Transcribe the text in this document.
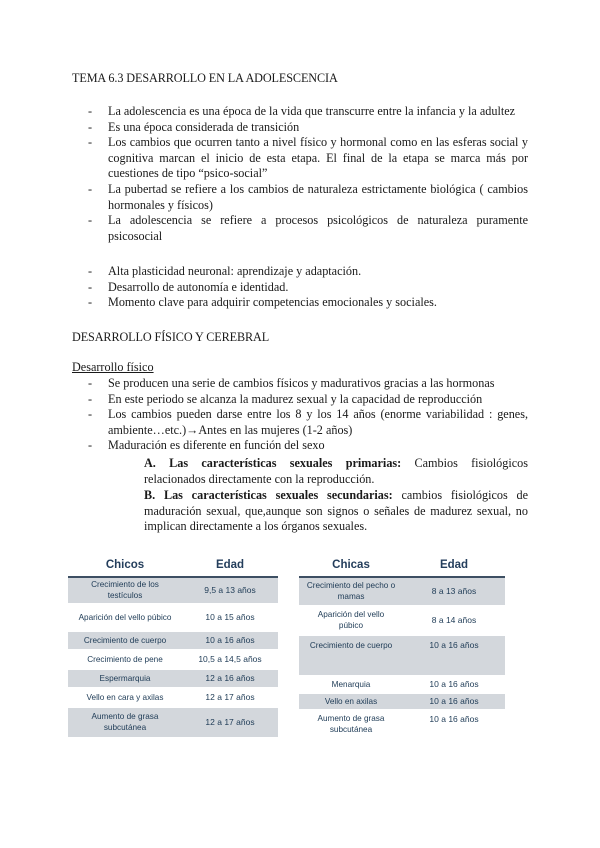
TEMA 6.3 DESARROLLO EN LA ADOLESCENCIA
- La adolescencia es una época de la vida que transcurre entre la infancia y la adultez
- Es una época considerada de transición
- Los cambios que ocurren tanto a nivel físico y hormonal como en las esferas social y cognitiva marcan el inicio de esta etapa. El final de la etapa se marca más por cuestiones de tipo “psico-social”
- La pubertad se refiere a los cambios de naturaleza estrictamente biológica ( cambios hormonales y físicos)
- La adolescencia se refiere a procesos psicológicos de naturaleza puramente psicosocial
- Alta plasticidad neuronal: aprendizaje y adaptación.
- Desarrollo de autonomía e identidad.
- Momento clave para adquirir competencias emocionales y sociales.
DESARROLLO FÍSICO Y CEREBRAL
Desarrollo físico
- Se producen una serie de cambios físicos y madurativos gracias a las hormonas
- En este periodo se alcanza la madurez sexual y la capacidad de reproducción
- Los cambios pueden darse entre los 8 y los 14 años (enorme variabilidad : genes, ambiente…etc.)→Antes en las mujeres (1-2 años)
- Maduración es diferente en función del sexo
A. Las características sexuales primarias: Cambios fisiológicos relacionados directamente con la reproducción.
B. Las características sexuales secundarias: cambios fisiológicos de maduración sexual, que,aunque son signos o señales de madurez sexual, no implican directamente a los órganos sexuales.
Chicos	Edad
Crecimiento de los testículos	9,5 a 13 años
Aparición del vello púbico	10 a 15 años
Crecimiento de cuerpo	10 a 16 años
Crecimiento de pene	10,5 a 14,5 años
Espermarquia	12 a 16 años
Vello en cara y axilas	12 a 17 años
Aumento de grasa subcutánea	12 a 17 años
Chicas	Edad
Crecimiento del pecho o mamas	8 a 13 años
Aparición del vello púbico	8 a 14 años
Crecimiento de cuerpo	10 a 16 años
Menarquia	10 a 16 años
Vello en axilas	10 a 16 años
Aumento de grasa subcutánea	10 a 16 años
